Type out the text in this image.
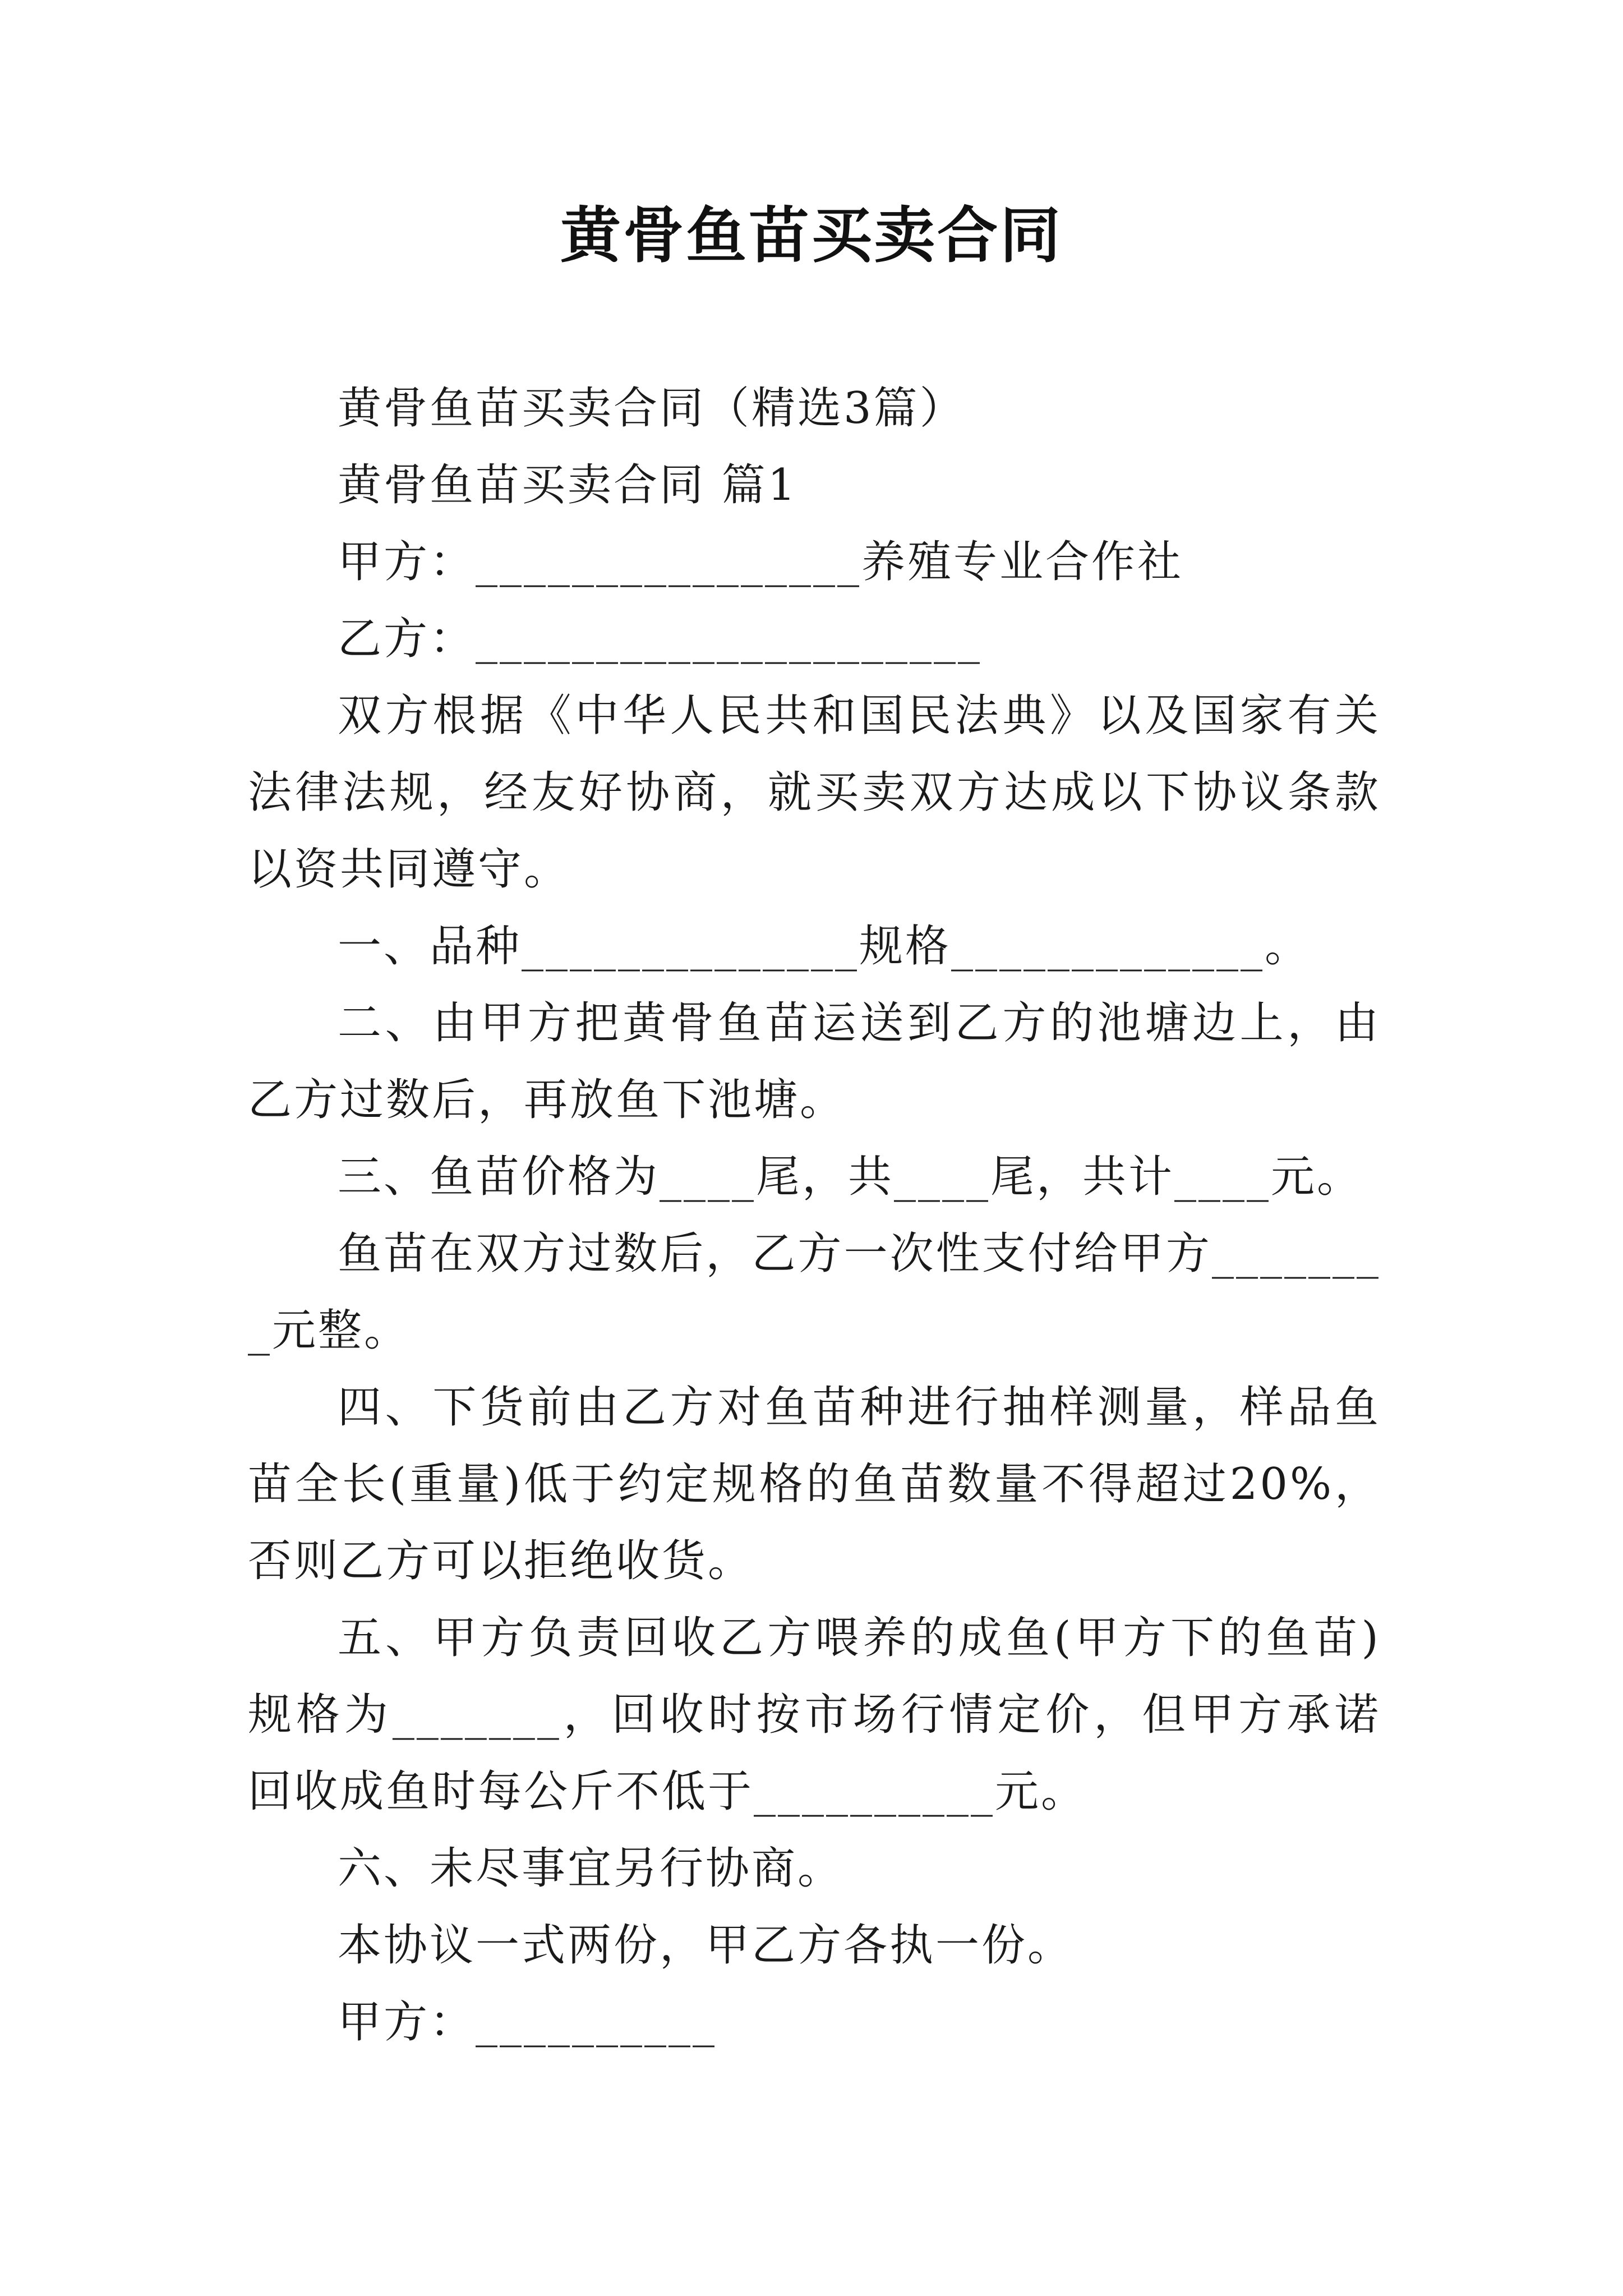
黄骨鱼苗买卖合同

黄骨鱼苗买卖合同（精选3篇）

黄骨鱼苗买卖合同 篇1

甲方：________________养殖专业合作社

乙方：_____________________

双方根据《中华人民共和国民法典》以及国家有关法律法规，经友好协商，就买卖双方达成以下协议条款以资共同遵守。

一、品种______________规格_____________。

二、由甲方把黄骨鱼苗运送到乙方的池塘边上，由乙方过数后，再放鱼下池塘。

三、鱼苗价格为____尾，共____尾，共计____元。

鱼苗在双方过数后，乙方一次性支付给甲方________元整。

四、下货前由乙方对鱼苗种进行抽样测量，样品鱼苗全长(重量)低于约定规格的鱼苗数量不得超过20%，否则乙方可以拒绝收货。

五、甲方负责回收乙方喂养的成鱼(甲方下的鱼苗)规格为_______，回收时按市场行情定价，但甲方承诺回收成鱼时每公斤不低于__________元。

六、未尽事宜另行协商。

本协议一式两份，甲乙方各执一份。

甲方：__________
